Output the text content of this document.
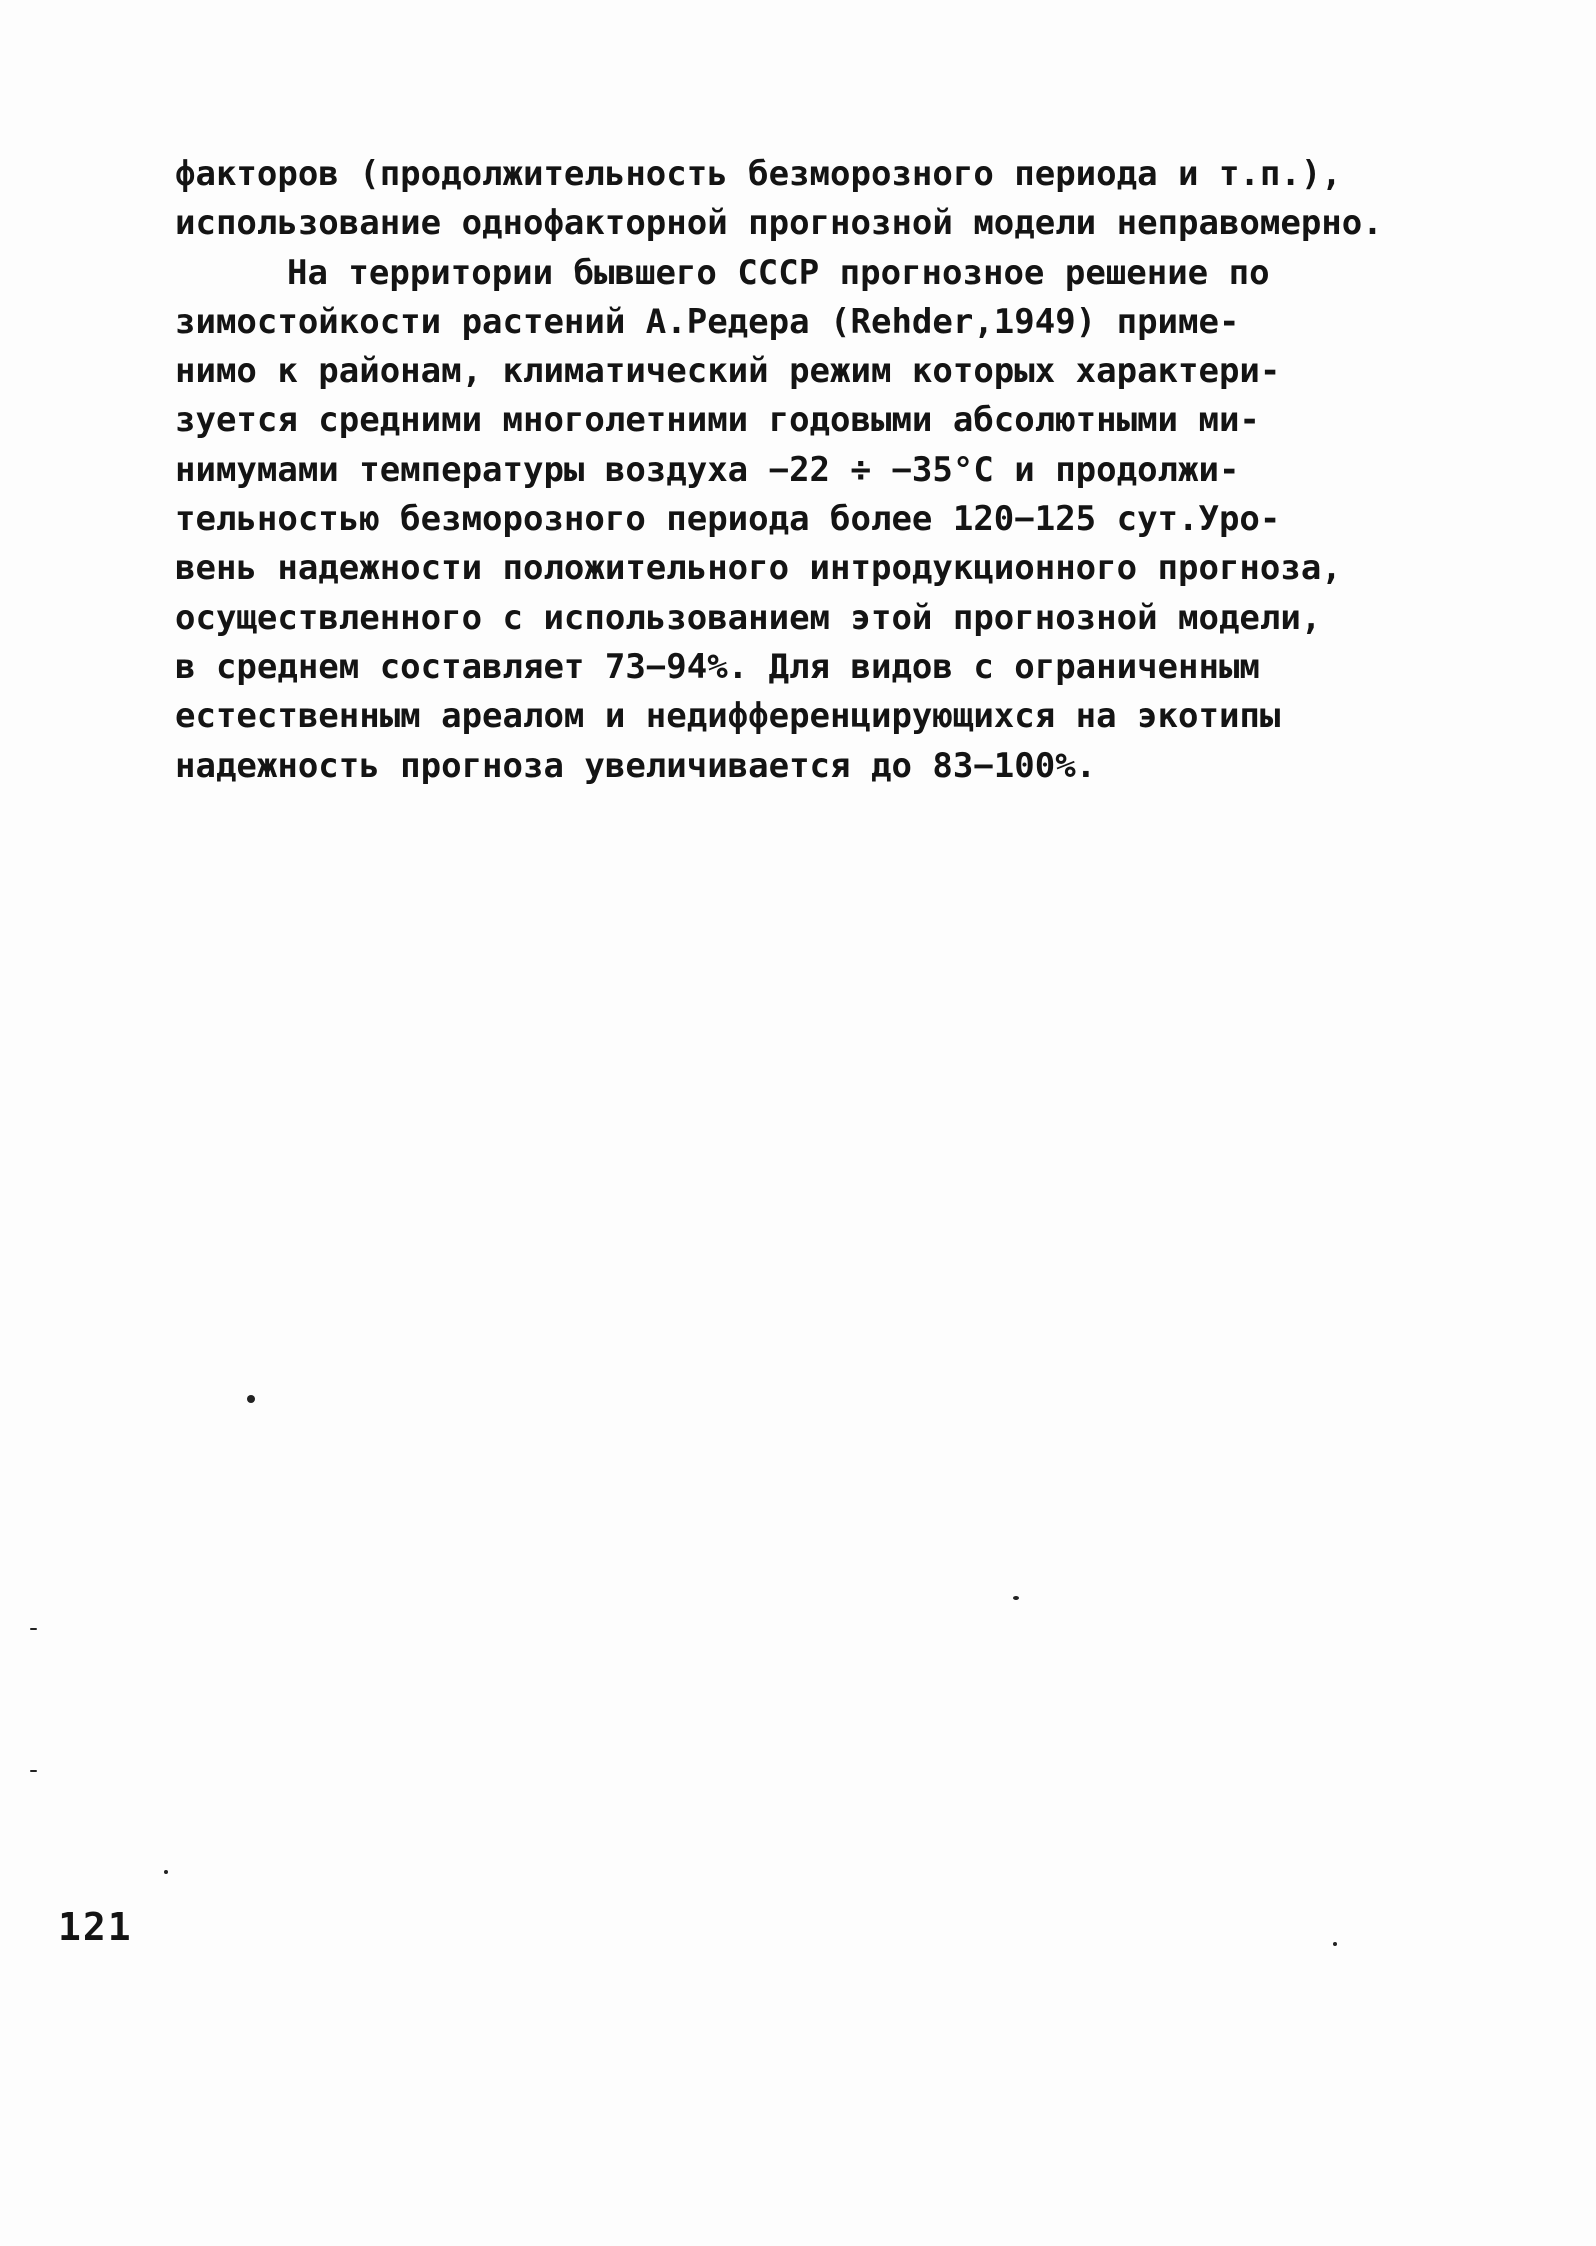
факторов (продолжительность безморозного периода и т.п.),
использование однофакторной прогнозной модели неправомерно.
На территории бывшего СССР прогнозное решение по
зимостойкости растений А.Редера (Rehder,1949) приме-
нимо к районам, климатический режим которых характери-
зуется средними многолетними годовыми абсолютными ми-
нимумами температуры воздуха −22 ÷ −35°С и продолжи-
тельностью безморозного периода более 120−125 сут.Уро-
вень надежности положительного интродукционного прогноза,
осуществленного с использованием этой прогнозной модели,
в среднем составляет 73−94%. Для видов с ограниченным
естественным ареалом и недифференцирующихся на экотипы
надежность прогноза увеличивается до 83−100%.
121
